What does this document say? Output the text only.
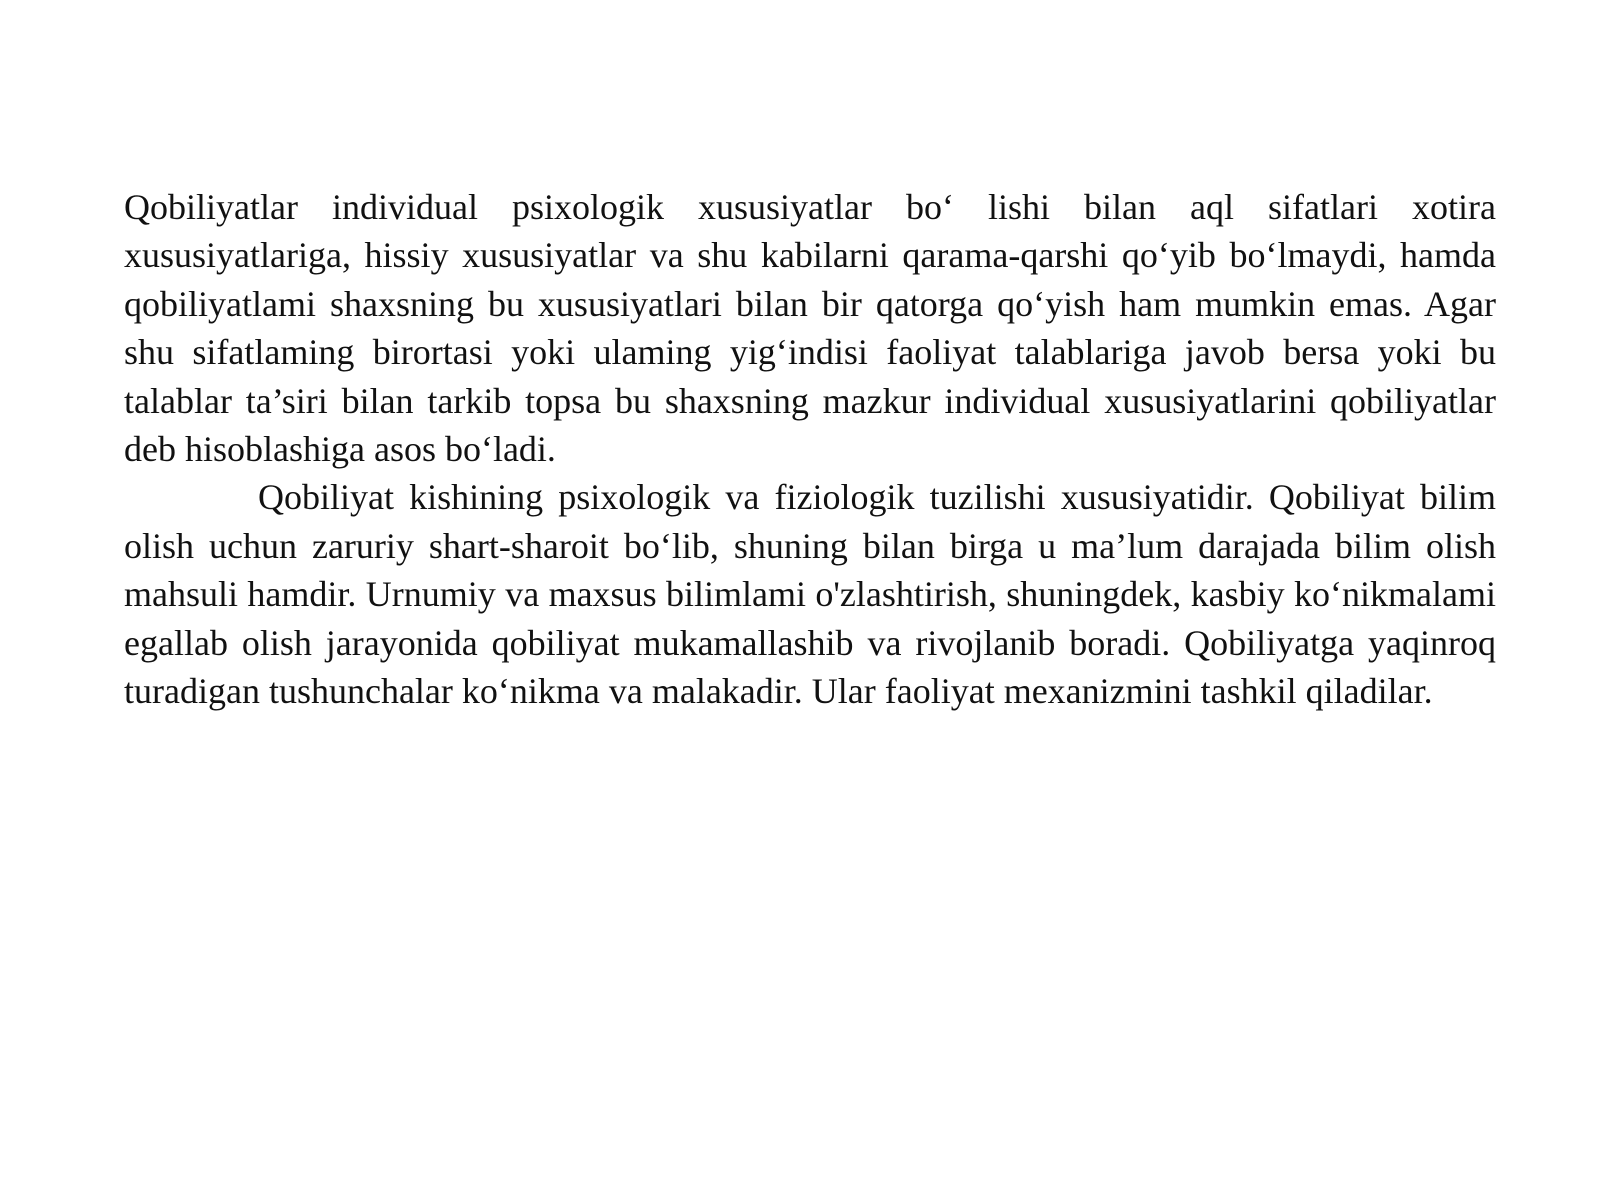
Qobiliyatlar individual psixologik xususiyatlar bo‘ lishi bilan aql sifatlari xotira xususiyatlariga, hissiy xususiyatlar va shu kabilarni qarama-qarshi qo‘yib bo‘lmaydi, hamda qobiliyatlami shaxsning bu xususiyatlari bilan bir qatorga qo‘yish ham mumkin emas. Agar shu sifatlaming birortasi yoki ulaming yig‘indisi faoliyat talablariga javob bersa yoki bu talablar ta’siri bilan tarkib topsa bu shaxsning mazkur individual xususiyatlarini qobiliyatlar deb hisoblashiga asos bo‘ladi.

Qobiliyat kishining psixologik va fiziologik tuzilishi xususiyatidir. Qobiliyat bilim olish uchun zaruriy shart-sharoit bo‘lib, shuning bilan birga u ma’lum darajada bilim olish mahsuli hamdir. Urnumiy va maxsus bilimlami o'zlashtirish, shuningdek, kasbiy ko‘nikmalami egallab olish jarayonida qobiliyat mukamallashib va rivojlanib boradi. Qobiliyatga yaqinroq turadigan tushunchalar ko‘nikma va malakadir. Ular faoliyat mexanizmini tashkil qiladilar.
